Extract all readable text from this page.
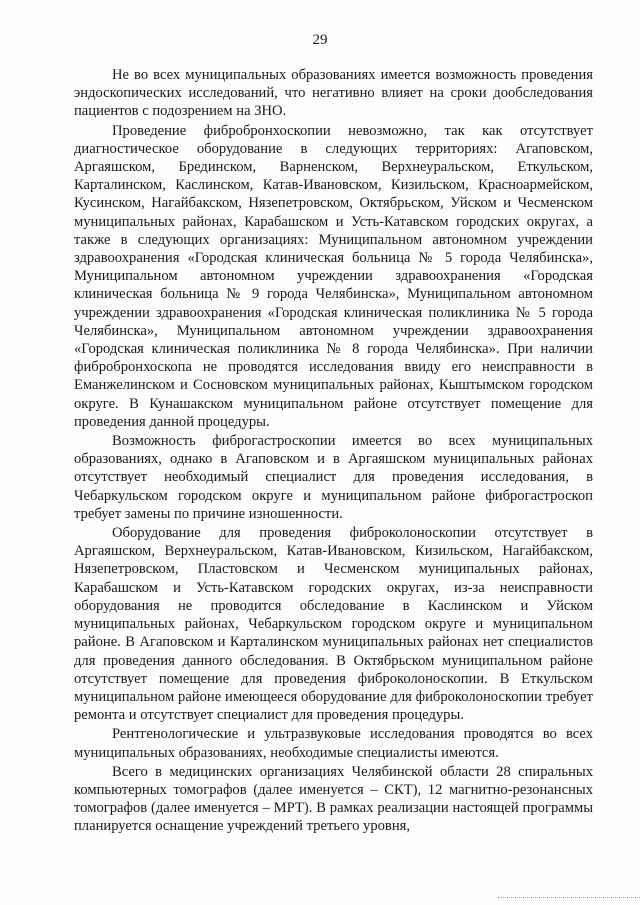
29

Не во всех муниципальных образованиях имеется возможность проведения эндоскопических исследований, что негативно влияет на сроки дообследования пациентов с подозрением на ЗНО.

Проведение фибробронхоскопии невозможно, так как отсутствует диагностическое оборудование в следующих территориях: Агаповском, Аргаяшском, Брединском, Варненском, Верхнеуральском, Еткульском, Карталинском, Каслинском, Катав-Ивановском, Кизильском, Красноармейском, Кусинском, Нагайбакском, Нязепетровском, Октябрьском, Уйском и Чесменском муниципальных районах, Карабашском и Усть-Катавском городских округах, а также в следующих организациях: Муниципальном автономном учреждении здравоохранения «Городская клиническая больница № 5 города Челябинска», Муниципальном автономном учреждении здравоохранения «Городская клиническая больница № 9 города Челябинска», Муниципальном автономном учреждении здравоохранения «Городская клиническая поликлиника № 5 города Челябинска», Муниципальном автономном учреждении здравоохранения «Городская клиническая поликлиника № 8 города Челябинска». При наличии фибробронхоскопа не проводятся исследования ввиду его неисправности в Еманжелинском и Сосновском муниципальных районах, Кыштымском городском округе. В Кунашакском муниципальном районе отсутствует помещение для проведения данной процедуры.

Возможность фиброгастроскопии имеется во всех муниципальных образованиях, однако в Агаповском и в Аргаяшском муниципальных районах отсутствует необходимый специалист для проведения исследования, в Чебаркульском городском округе и муниципальном районе фиброгастроскоп требует замены по причине изношенности.

Оборудование для проведения фиброколоноскопии отсутствует в Аргаяшском, Верхнеуральском, Катав-Ивановском, Кизильском, Нагайбакском, Нязепетровском, Пластовском и Чесменском муниципальных районах, Карабашском и Усть-Катавском городских округах, из-за неисправности оборудования не проводится обследование в Каслинском и Уйском муниципальных районах, Чебаркульском городском округе и муниципальном районе. В Агаповском и Карталинском муниципальных районах нет специалистов для проведения данного обследования. В Октябрьском муниципальном районе отсутствует помещение для проведения фиброколоноскопии. В Еткульском муниципальном районе имеющееся оборудование для фиброколоноскопии требует ремонта и отсутствует специалист для проведения процедуры.

Рентгенологические и ультразвуковые исследования проводятся во всех муниципальных образованиях, необходимые специалисты имеются.

Всего в медицинских организациях Челябинской области 28 спиральных компьютерных томографов (далее именуется – СКТ), 12 магнитно-резонансных томографов (далее именуется – МРТ). В рамках реализации настоящей программы планируется оснащение учреждений третьего уровня,
